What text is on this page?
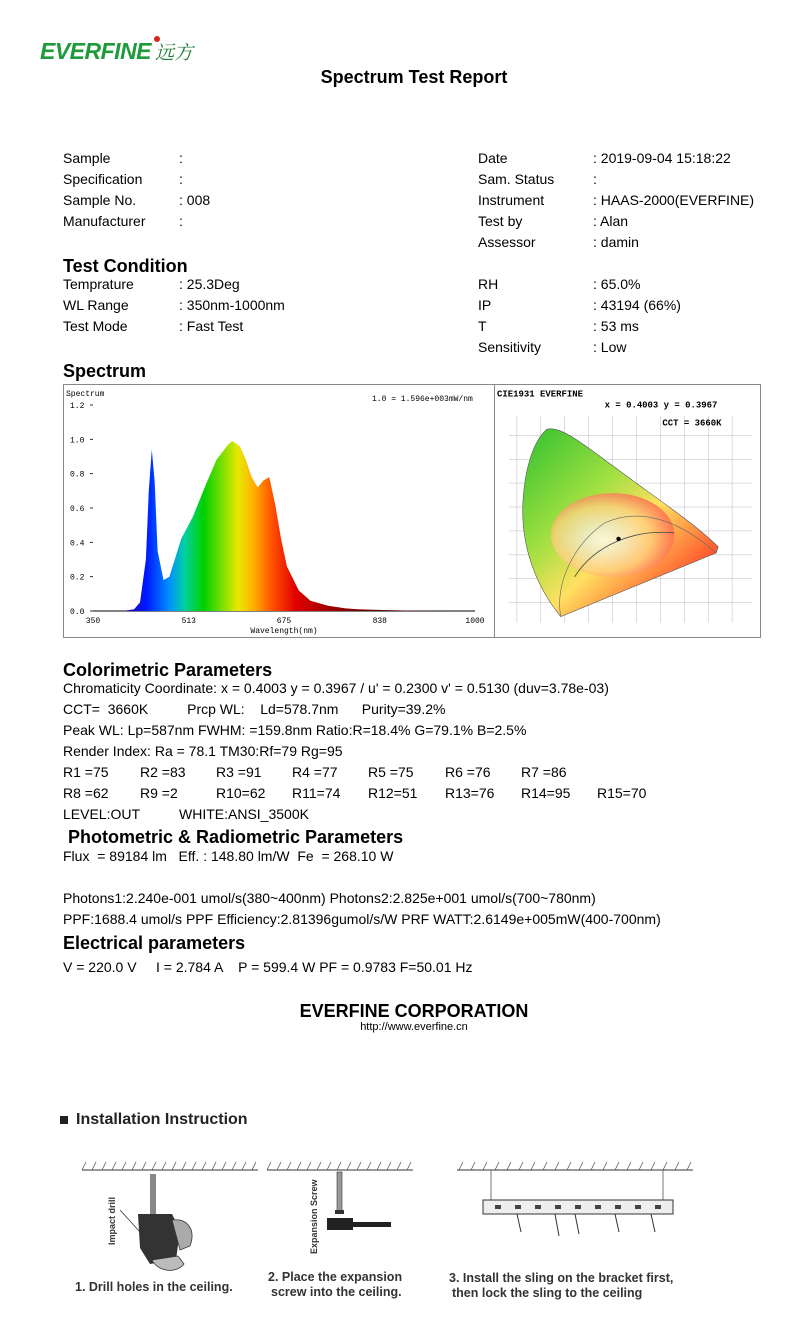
EVERFINE 远方
Spectrum Test Report
Sample	:
Specification	:
Sample No.	: 008
Manufacturer :
Date	: 2019-09-04 15:18:22
Sam. Status	:
Instrument	: HAAS-2000(EVERFINE)
Test by	: Alan
Assessor	: damin
Test Condition
Temprature	: 25.3Deg
WL Range	: 350nm-1000nm
Test Mode	: Fast Test
RH	: 65.0%
IP	: 43194 (66%)
T	: 53 ms
Sensitivity	: Low
Spectrum
Spectrum
1.0 = 1.596e+003mW/nm
0.0
0.2
0.4
0.6
0.8
1.0
1.2
350	513	675	838	1000
Wavelength(nm)
CIE1931 EVERFINE
x = 0.4003 y = 0.3967
CCT = 3660K
Colorimetric Parameters
Chromaticity Coordinate: x = 0.4003 y = 0.3967 / u' = 0.2300 v' = 0.5130 (duv=3.78e-03)
CCT=  3660K          Prcp WL:    Ld=578.7nm      Purity=39.2%
Peak WL: Lp=587nm FWHM: =159.8nm Ratio:R=18.4% G=79.1% B=2.5%
Render Index: Ra = 78.1 TM30:Rf=79 Rg=95
R1 =75 R2 =83 R3 =91 R4 =77 R5 =75 R6 =76 R7 =86
R8 =62 R9 =2	R10=62 R11=74 R12=51 R13=76 R14=95 R15=70
LEVEL:OUT	WHITE:ANSI_3500K
Photometric & Radiometric Parameters
Flux  = 89184 lm   Eff. : 148.80 lm/W  Fe  = 268.10 W
Photons1:2.240e-001 umol/s(380~400nm) Photons2:2.825e+001 umol/s(700~780nm)
PPF:1688.4 umol/s PPF Efficiency:2.81396gumol/s/W PRF WATT:2.6149e+005mW(400-700nm)
Electrical parameters
V = 220.0 V     I = 2.784 A    P = 599.4 W PF = 0.9783 F=50.01 Hz
EVERFINE CORPORATION
http://www.everfine.cn
Installation Instruction
Impact drill
1. Drill holes in the ceiling.
Expansion Screw
2. Place the expansion
screw into the ceiling.
3. Install the sling on the bracket first,
then lock the sling to the ceiling
